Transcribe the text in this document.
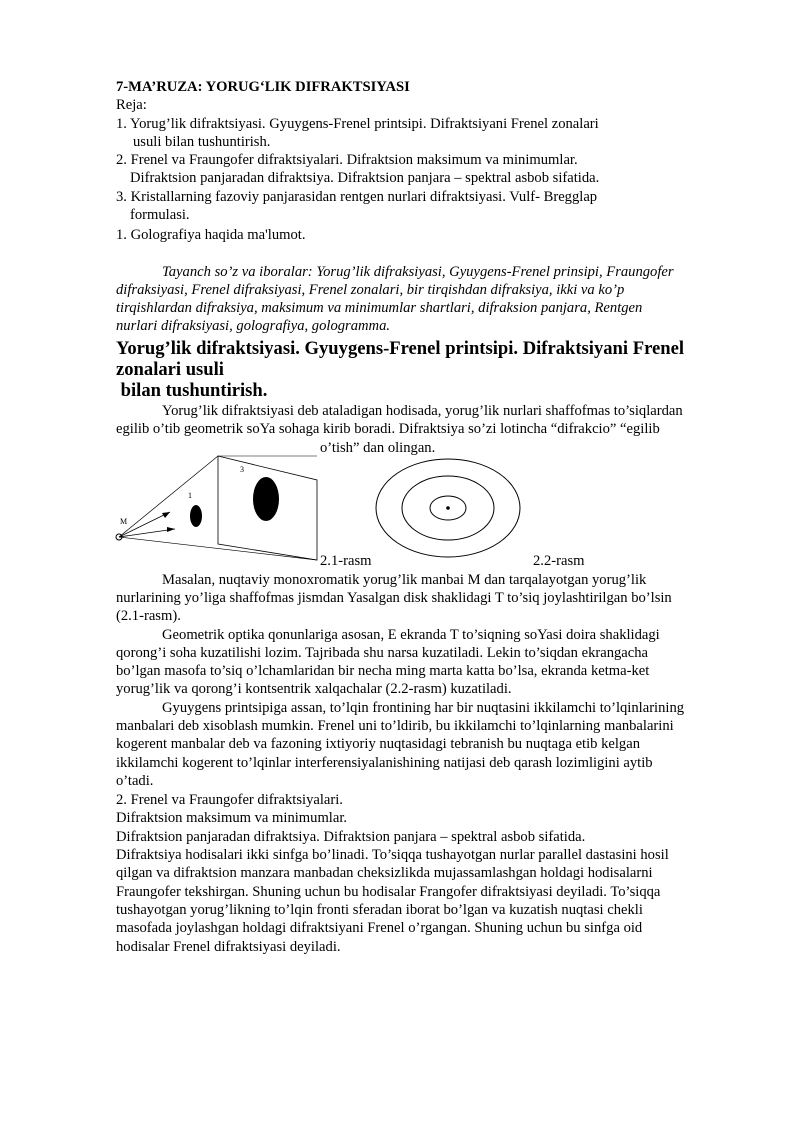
7-MA’RUZA: YORUG‘LIK DIFRAKTSIYASI
Reja:
1. Yorug’lik difraktsiyasi. Gyuygens-Frenel printsipi. Difraktsiyani Frenel zonalari
usuli bilan tushuntirish.
2. Frenel va Fraungofer difraktsiyalari. Difraktsion maksimum va minimumlar.
Difraktsion panjaradan difraktsiya. Difraktsion panjara – spektral asbob sifatida.
3. Kristallarning fazoviy panjarasidan rentgen nurlari difraktsiyasi. Vulf- Bregglaр
formulasi.
1. Golografiya haqida ma'lumot.
Tayanch so’z va iboralar: Yorug’lik difraksiyasi, Gyuygens-Frenel prinsipi, Fraungofer
difraksiyasi, Frenel difraksiyasi, Frenel zonalari, bir tirqishdan difraksiya, ikki va ko’p
tirqishlardan difraksiya, maksimum va minimumlar shartlari, difraksion panjara, Rentgen
nurlari difraksiyasi, golografiya, gologramma.
Yorug’lik difraktsiyasi. Gyuygens-Frenel printsipi. Difraktsiyani Frenel
zonalari usuli
bilan tushuntirish.
Yorug’lik difraktsiyasi deb ataladigan hodisada, yorug’lik nurlari shaffofmas to’siqlardan
egilib o’tib geometrik soYa sohaga kirib boradi. Difraktsiya so’zi lotincha “difrakcio” “egilib
o’tish” dan olingan.
M
1
3
2.1-rasm	2.2-rasm
Masalan, nuqtaviy monoxromatik yorug’lik manbai M dan tarqalayotgan yorug’lik
nurlarining yo’liga shaffofmas jismdan Yasalgan disk shaklidagi T to’siq joylashtirilgan bo’lsin
(2.1-rasm).
Geometrik optika qonunlariga asosan, E ekranda T to’siqning soYasi doira shaklidagi
qorong’i soha kuzatilishi lozim. Tajribada shu narsa kuzatiladi. Lekin to’siqdan ekrangacha
bo’lgan masofa to’siq o’lchamlaridan bir necha ming marta katta bo’lsa, ekranda ketma-ket
yorug’lik va qorong’i kontsentrik xalqachalar (2.2-rasm) kuzatiladi.
Gyuygens printsipiga assan, to’lqin frontining har bir nuqtasini ikkilamchi to’lqinlarining
manbalari deb xisoblash mumkin. Frenel uni to’ldirib, bu ikkilamchi to’lqinlarning manbalarini
kogerent manbalar deb va fazoning ixtiyoriy nuqtasidagi tebranish bu nuqtaga etib kelgan
ikkilamchi kogerent to’lqinlar interferensiyalanishining natijasi deb qarash lozimligini aytib
o’tadi.
2. Frenel va Fraungofer difraktsiyalari.
Difraktsion maksimum va minimumlar.
Difraktsion panjaradan difraktsiya. Difraktsion panjara – spektral asbob sifatida.
Difraktsiya hodisalari ikki sinfga bo’linadi. To’siqqa tushayotgan nurlar parallel dastasini hosil
qilgan va difraktsion manzara manbadan cheksizlikda mujassamlashgan holdagi hodisalarni
Fraungofer tekshirgan. Shuning uchun bu hodisalar Frangofer difraktsiyasi deyiladi. To’siqqa
tushayotgan yorug’likning to’lqin fronti sferadan iborat bo’lgan va kuzatish nuqtasi chekli
masofada joylashgan holdagi difraktsiyani Frenel o’rgangan. Shuning uchun bu sinfga oid
hodisalar Frenel difraktsiyasi deyiladi.
